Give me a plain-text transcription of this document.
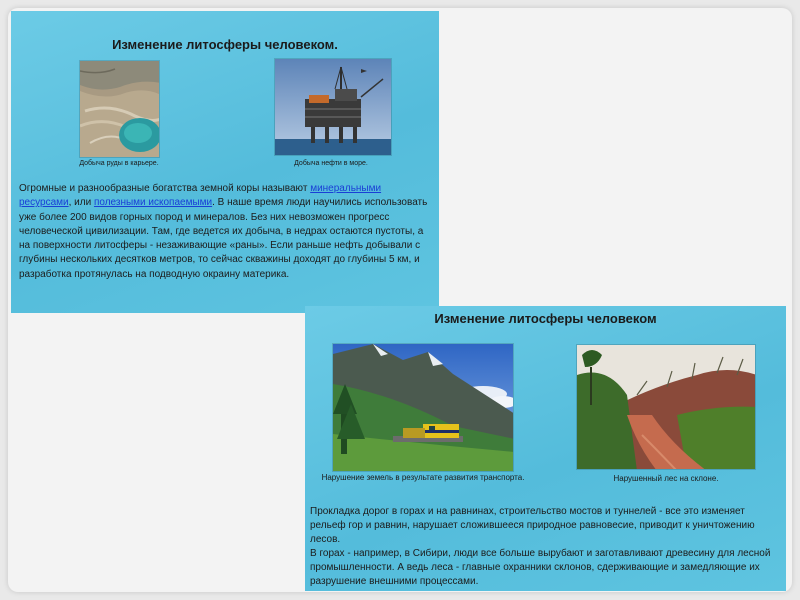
Изменение литосферы человеком.
Добыча руды в карьере.	Добыча нефти в море.
Огромные и разнообразные богатства земной коры называют минеральными ресурсами, или полезными ископаемыми. В наше время люди научились использовать уже более 200 видов горных пород и минералов. Без них невозможен прогресс человеческой цивилизации. Там, где ведется их добыча, в недрах остаются пустоты, а на поверхности литосферы - незаживающие «раны». Если раньше нефть добывали с глубины нескольких десятков метров, то сейчас скважины доходят до глубины 5 км, и разработка протянулась на подводную окраину материка.
Изменение литосферы человеком
Нарушение земель в результате развития транспорта.	Нарушенный лес на склоне.
Прокладка дорог в горах и на равнинах, строительство мостов и туннелей - все это изменяет рельеф гор и равнин, нарушает сложившееся природное равновесие, приводит к уничтожению лесов.
В горах - например, в Сибири, люди все больше вырубают и заготавливают древесину для лесной промышленности. А ведь леса - главные охранники склонов, сдерживающие и замедляющие их разрушение внешними процессами.
